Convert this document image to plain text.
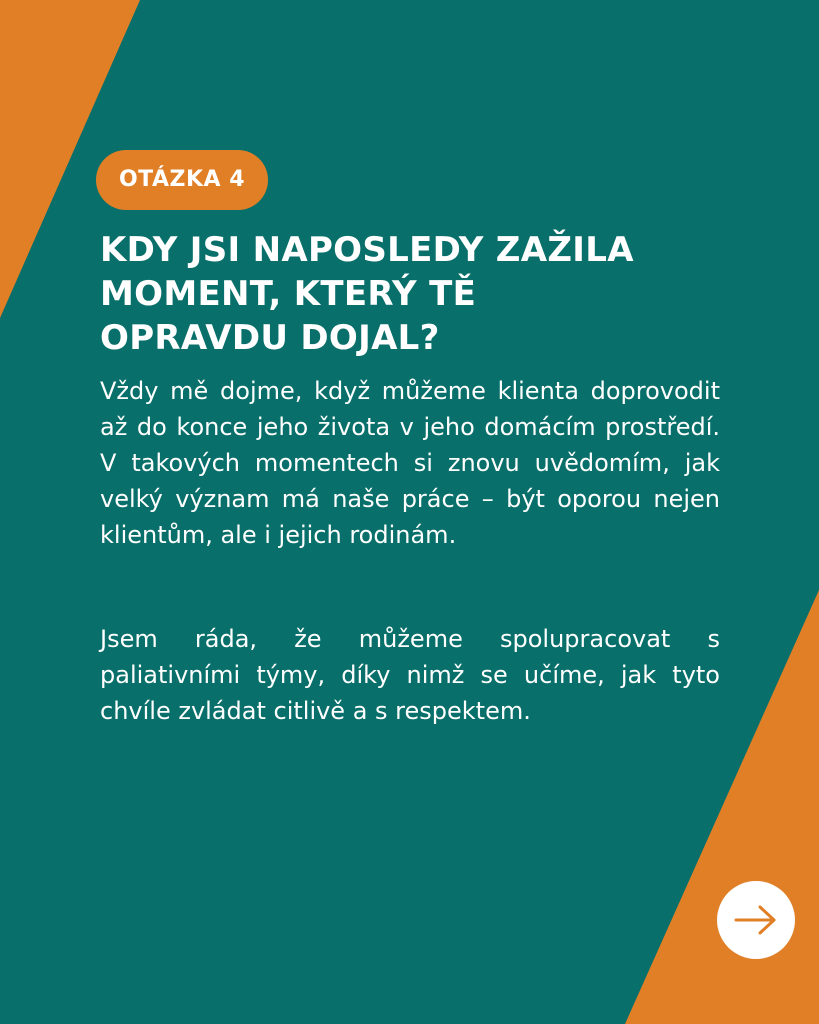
OTÁZKA 4
KDY JSI NAPOSLEDY ZAŽILA
MOMENT, KTERÝ TĚ
OPRAVDU DOJAL?

Vždy mě dojme, když můžeme klienta doprovodit až do konce jeho života v jeho domácím prostředí. V takových momentech si znovu uvědomím, jak velký význam má naše práce – být oporou nejen klientům, ale i jejich rodinám.

Jsem ráda, že můžeme spolupracovat s paliativními týmy, díky nimž se učíme, jak tyto chvíle zvládat citlivě a s respektem.
